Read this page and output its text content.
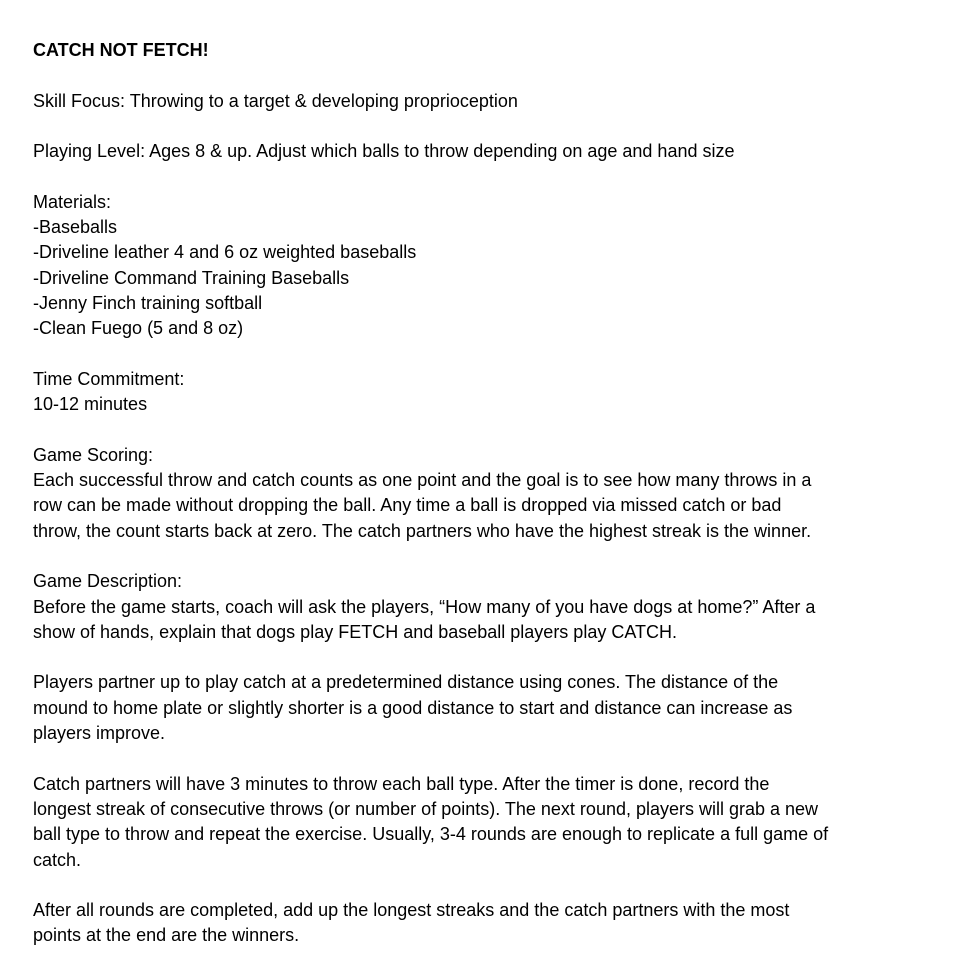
CATCH NOT FETCH!

Skill Focus: Throwing to a target & developing proprioception

Playing Level: Ages 8 & up. Adjust which balls to throw depending on age and hand size

Materials:

-Baseballs

-Driveline leather 4 and 6 oz weighted baseballs

-Driveline Command Training Baseballs

-Jenny Finch training softball

-Clean Fuego (5 and 8 oz)

Time Commitment:

10-12 minutes

Game Scoring:

Each successful throw and catch counts as one point and the goal is to see how many throws in a

row can be made without dropping the ball. Any time a ball is dropped via missed catch or bad

throw, the count starts back at zero. The catch partners who have the highest streak is the winner.

Game Description:

Before the game starts, coach will ask the players, “How many of you have dogs at home?” After a

show of hands, explain that dogs play FETCH and baseball players play CATCH.

Players partner up to play catch at a predetermined distance using cones. The distance of the

mound to home plate or slightly shorter is a good distance to start and distance can increase as

players improve.

Catch partners will have 3 minutes to throw each ball type. After the timer is done, record the

longest streak of consecutive throws (or number of points). The next round, players will grab a new

ball type to throw and repeat the exercise. Usually, 3-4 rounds are enough to replicate a full game of

catch.

After all rounds are completed, add up the longest streaks and the catch partners with the most

points at the end are the winners.
